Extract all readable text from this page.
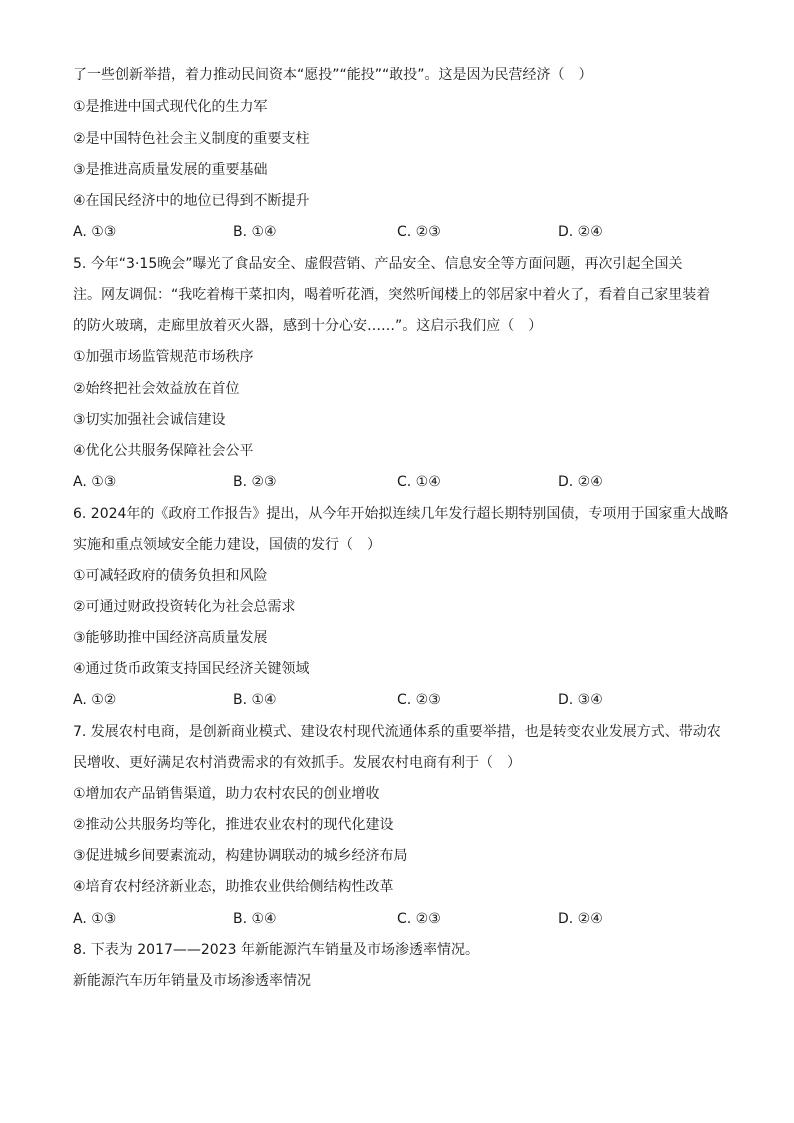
了一些创新举措，着力推动民间资本“愿投”“能投”“敢投”。这是因为民营经济（　）
①是推进中国式现代化的生力军
②是中国特色社会主义制度的重要支柱
③是推进高质量发展的重要基础
④在国民经济中的地位已得到不断提升
A. ①③	B. ①④	C. ②③	D. ②④
5. 今年“3·15晚会”曝光了食品安全、虚假营销、产品安全、信息安全等方面问题，再次引起全国关
注。网友调侃：“我吃着梅干菜扣肉，喝着听花酒，突然听闻楼上的邻居家中着火了，看着自己家里装着
的防火玻璃，走廊里放着灭火器，感到十分心安……”。这启示我们应（　）
①加强市场监管规范市场秩序
②始终把社会效益放在首位
③切实加强社会诚信建设
④优化公共服务保障社会公平
A. ①③	B. ②③	C. ①④	D. ②④
6. 2024年的《政府工作报告》提出，从今年开始拟连续几年发行超长期特别国债，专项用于国家重大战略
实施和重点领域安全能力建设，国债的发行（　）
①可减轻政府的债务负担和风险
②可通过财政投资转化为社会总需求
③能够助推中国经济高质量发展
④通过货币政策支持国民经济关键领域
A. ①②	B. ①④	C. ②③	D. ③④
7. 发展农村电商，是创新商业模式、建设农村现代流通体系的重要举措，也是转变农业发展方式、带动农
民增收、更好满足农村消费需求的有效抓手。发展农村电商有利于（　）
①增加农产品销售渠道，助力农村农民的创业增收
②推动公共服务均等化，推进农业农村的现代化建设
③促进城乡间要素流动，构建协调联动的城乡经济布局
④培育农村经济新业态，助推农业供给侧结构性改革
A. ①③	B. ①④	C. ②③	D. ②④
8. 下表为 2017——2023 年新能源汽车销量及市场渗透率情况。
新能源汽车历年销量及市场渗透率情况
